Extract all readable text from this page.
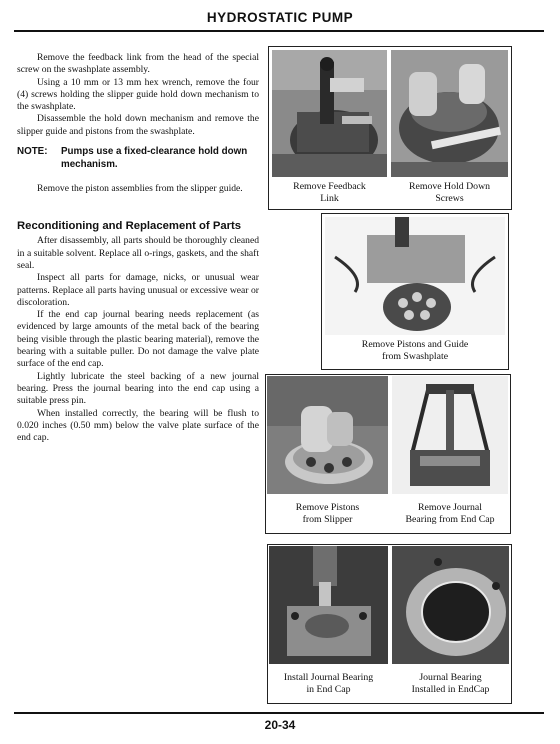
HYDROSTATIC PUMP

Remove the feedback link from the head of the special screw on the swashplate assembly.

Using a 10 mm or 13 mm hex wrench, remove the four (4) screws holding the slipper guide hold down mechanism to the swashplate.

Disassemble the hold down mechanism and remove the slipper guide and pistons from the swashplate.

NOTE:	Pumps use a fixed-clearance hold down mechanism.

Remove the piston assemblies from the slipper guide.

Reconditioning and Replacement of Parts

After disassembly, all parts should be thoroughly cleaned in a suitable solvent. Replace all o-rings, gaskets, and the shaft seal.

Inspect all parts for damage, nicks, or unusual wear patterns. Replace all parts having unusual or excessive wear or discoloration.

If the end cap journal bearing needs replacement (as evidenced by large amounts of the metal back of the bearing being visible through the plastic bearing material), remove the bearing with a suitable puller. Do not damage the valve plate surface of the end cap.

Lightly lubricate the steel backing of a new journal bearing. Press the journal bearing into the end cap using a suitable press pin.

When installed correctly, the bearing will be flush to 0.020 inches (0.50 mm) below the valve plate surface of the end cap.

Remove Feedback
Link
Remove Hold Down
Screws
Remove Pistons and Guide
from Swashplate
Remove Pistons
from Slipper
Remove Journal
Bearing from End Cap
Install Journal Bearing
in End Cap
Journal Bearing
Installed in EndCap
20-34
